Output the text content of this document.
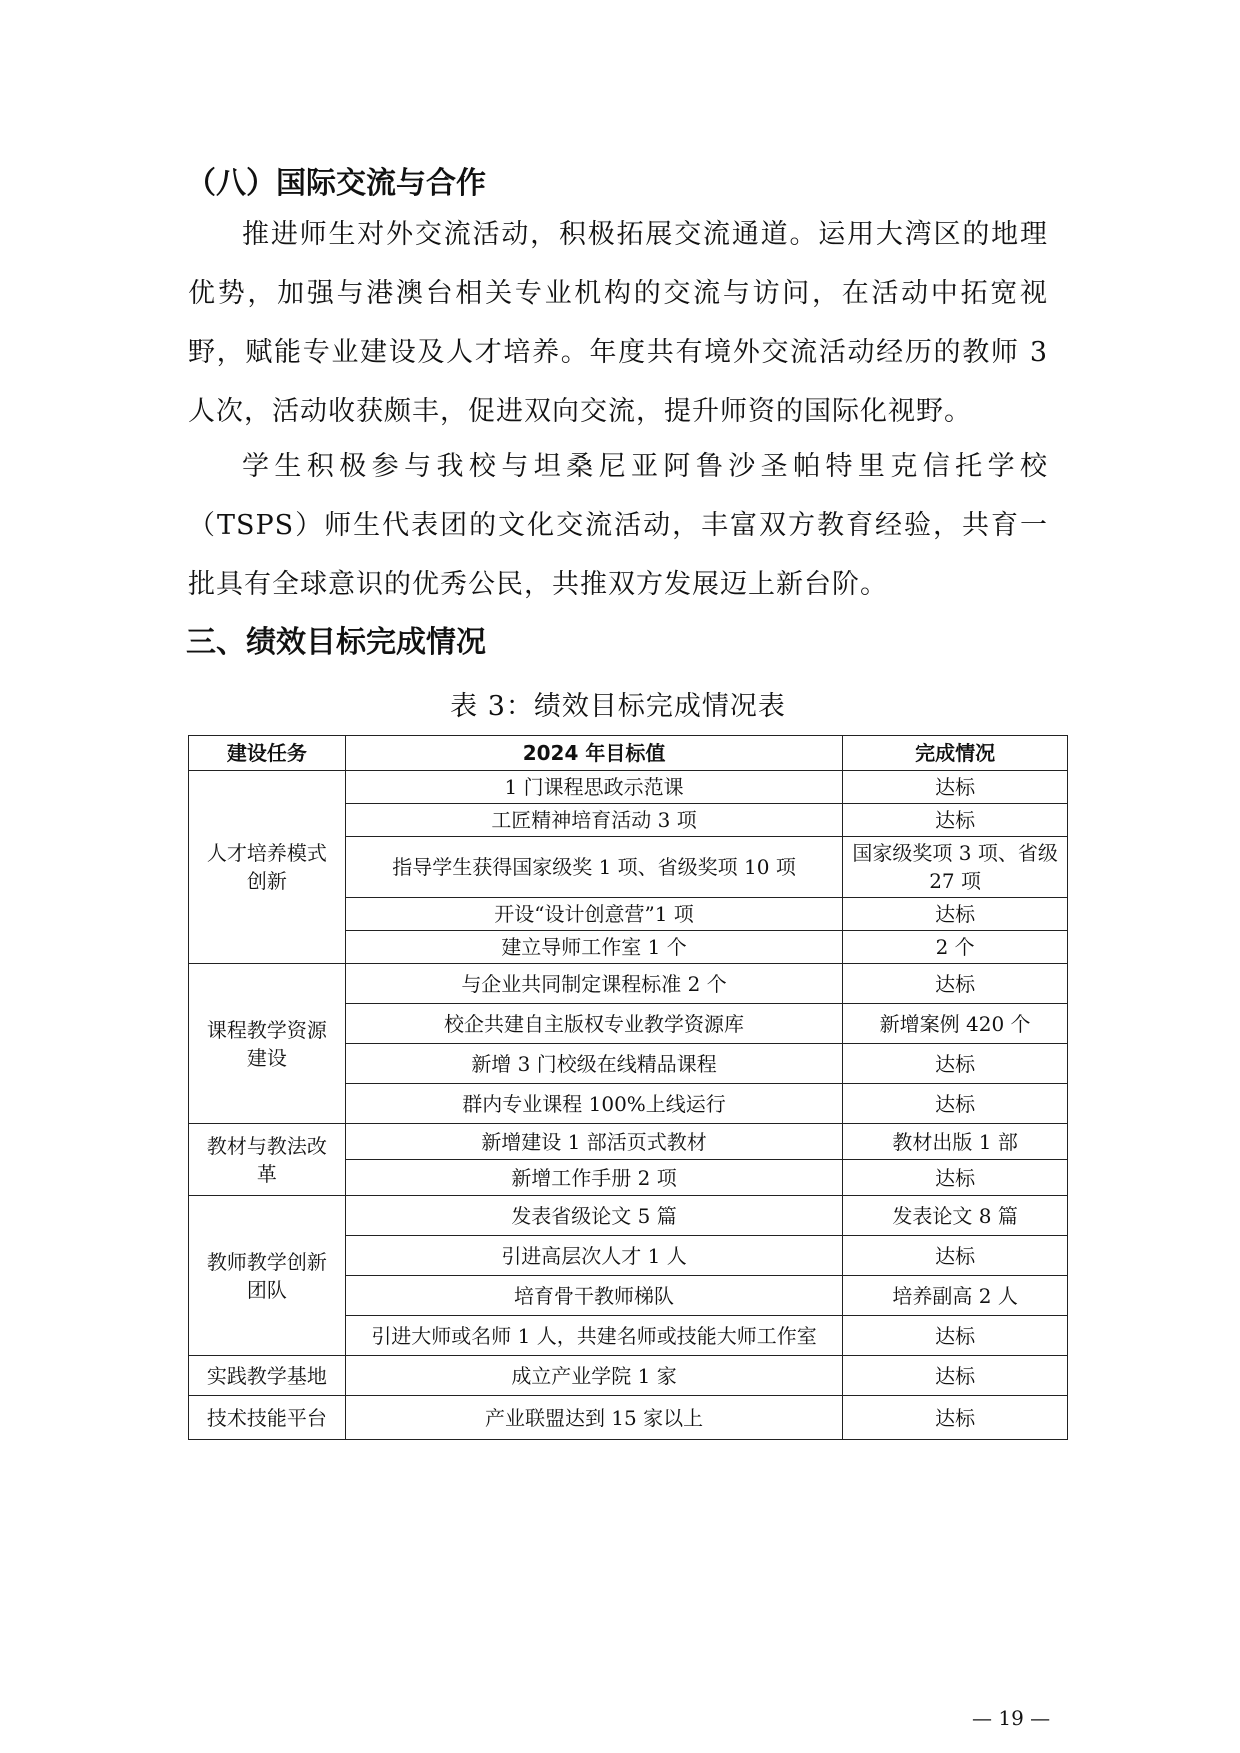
（八）国际交流与合作

推进师生对外交流活动，积极拓展交流通道。运用大湾区的地理优势，加强与港澳台相关专业机构的交流与访问，在活动中拓宽视野，赋能专业建设及人才培养。年度共有境外交流活动经历的教师 3 人次，活动收获颇丰，促进双向交流，提升师资的国际化视野。

学生积极参与我校与坦桑尼亚阿鲁沙圣帕特里克信托学校（TSPS）师生代表团的文化交流活动，丰富双方教育经验，共育一批具有全球意识的优秀公民，共推双方发展迈上新台阶。

三、绩效目标完成情况

表 3：绩效目标完成情况表

建设任务	2024 年目标值	完成情况
人才培养模式创新	1 门课程思政示范课	达标
	工匠精神培育活动 3 项	达标
	指导学生获得国家级奖 1 项、省级奖项 10 项	国家级奖项 3 项、省级 27 项
	开设“设计创意营”1 项	达标
	建立导师工作室 1 个	2 个
课程教学资源建设	与企业共同制定课程标准 2 个	达标
	校企共建自主版权专业教学资源库	新增案例 420 个
	新增 3 门校级在线精品课程	达标
	群内专业课程 100%上线运行	达标
教材与教法改革	新增建设 1 部活页式教材	教材出版 1 部
	新增工作手册 2 项	达标
教师教学创新团队	发表省级论文 5 篇	发表论文 8 篇
	引进高层次人才 1 人	达标
	培育骨干教师梯队	培养副高 2 人
	引进大师或名师 1 人，共建名师或技能大师工作室	达标
实践教学基地	成立产业学院 1 家	达标
技术技能平台	产业联盟达到 15 家以上	达标
— 19 —
